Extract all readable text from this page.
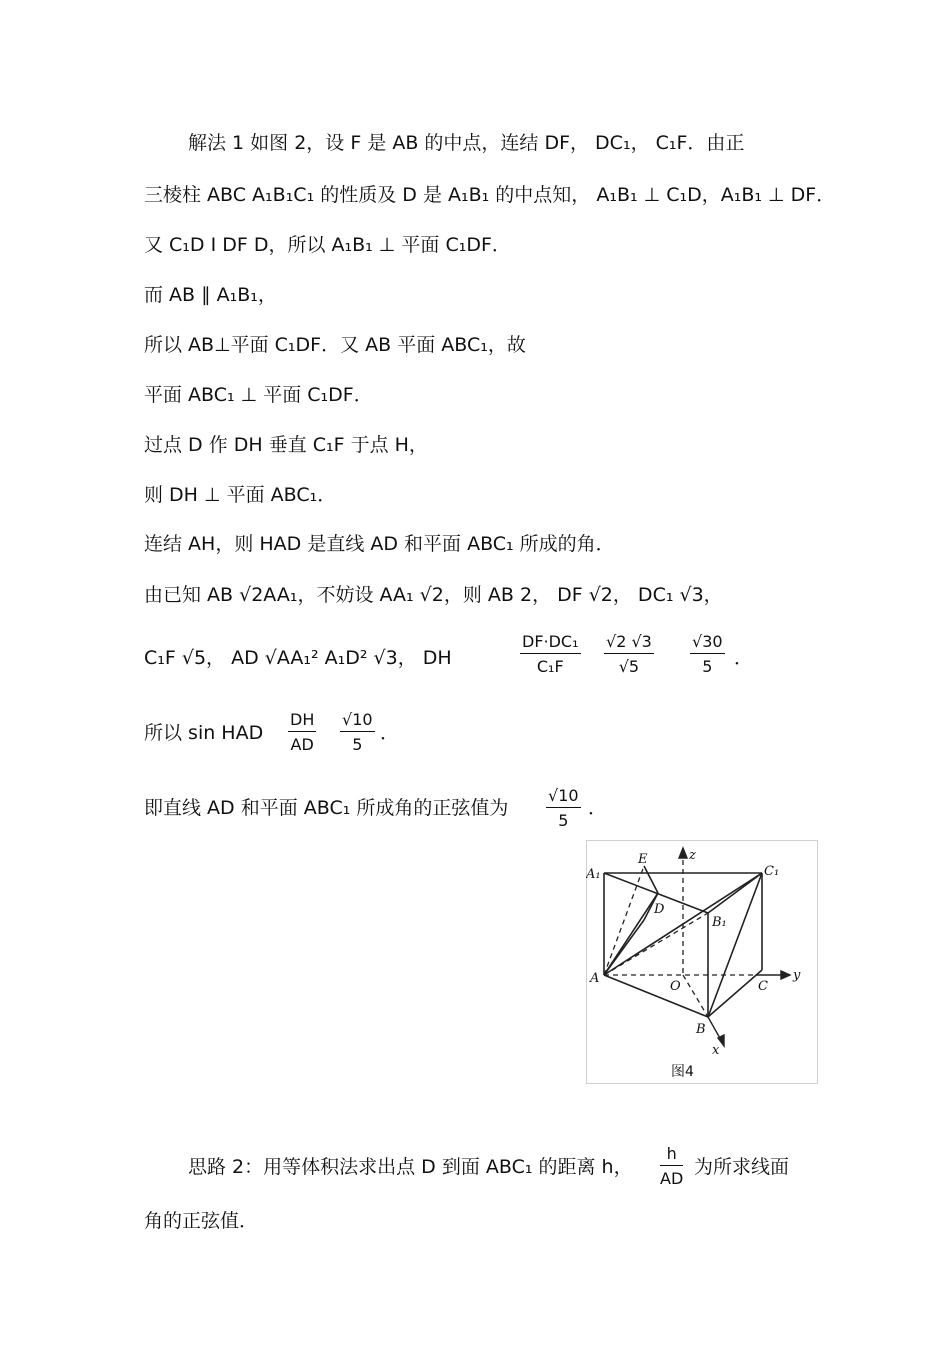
解法 1 如图 2，设 F 是 AB 的中点，连结 DF， DC₁， C₁F．由正
三棱柱 ABC A₁B₁C₁ 的性质及 D 是 A₁B₁ 的中点知， A₁B₁ ⊥ C₁D，A₁B₁ ⊥ DF．
又 C₁D I DF D，所以 A₁B₁ ⊥ 平面 C₁DF．
而 AB ∥ A₁B₁，
所以 AB⊥平面 C₁DF．又 AB 平面 ABC₁，故
平面 ABC₁ ⊥ 平面 C₁DF．
过点 D 作 DH 垂直 C₁F 于点 H，
则 DH ⊥ 平面 ABC₁．
连结 AH，则 HAD 是直线 AD 和平面 ABC₁ 所成的角．
由已知 AB √2AA₁，不妨设 AA₁ √2，则 AB 2， DF √2， DC₁ √3，
C₁F √5， AD √AA₁² A₁D² √3， DH	$\frac{\text{DF·DC₁}}{\text{C₁F}} \frac{√2 √3}{√5} \frac{√30}{5}$ ．
所以 sin HAD $\frac{DH}{AD} \frac{√10}{5}$ ．
即直线 AD 和平面 ABC₁ 所成角的正弦值为 $\frac{√10}{5}$ ．
A₁
E	z
C₁
D
B₁
A
O	C
y
B
x
图4
思路 2：用等体积法求出点 D 到面 ABC₁ 的距离 h， $\frac{h}{AD}$ 为所求线面
角的正弦值．
